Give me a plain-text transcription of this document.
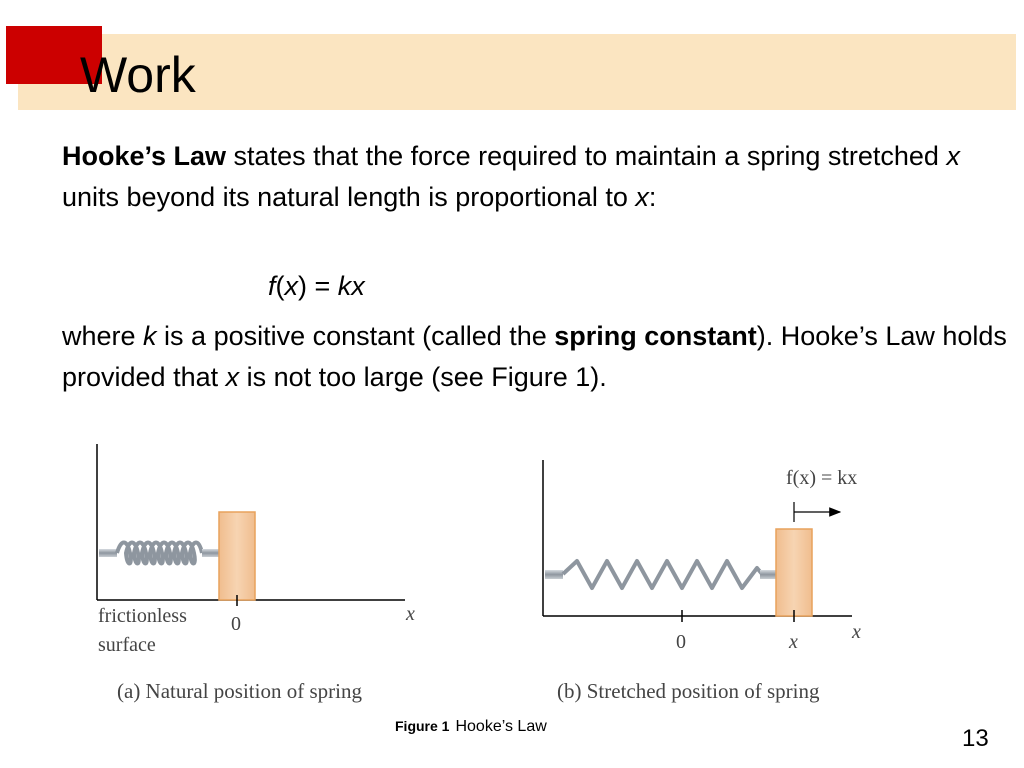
Work

Hooke’s Law states that the force required to maintain a spring stretched x units beyond its natural length is proportional to x:

f(x) = kx

where k is a positive constant (called the spring constant). Hooke’s Law holds provided that x is not too large (see Figure 1).

0	x
frictionless
surface
(a) Natural position of spring
f(x) = kx
0	x	x
(b) Stretched position of spring
Figure 1 Hooke’s Law	13
